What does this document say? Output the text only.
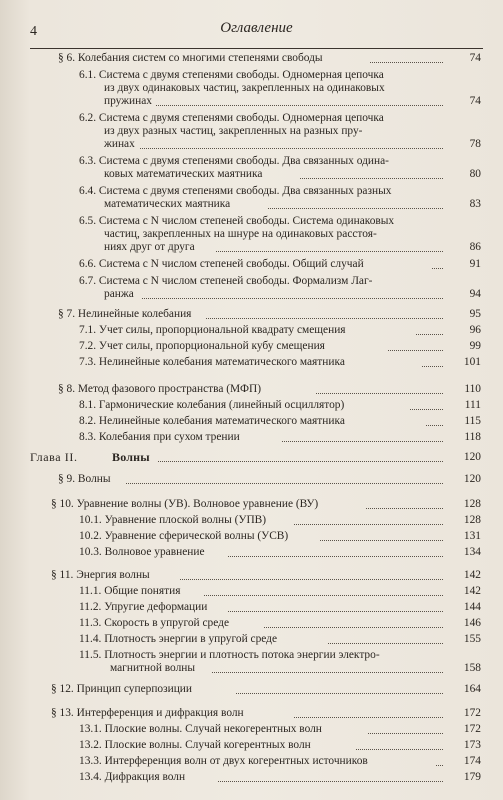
4	Оглавление
§ 6. Колебания систем со многими степенями свободы	74
6.1. Система с двумя степенями свободы. Одномерная цепочка
из двух одинаковых частиц, закрепленных на одинаковых
пружинах	74
6.2. Система с двумя степенями свободы. Одномерная цепочка
из двух разных частиц, закрепленных на разных пру-
жинах	78
6.3. Система с двумя степенями свободы. Два связанных одина-
ковых математических маятника	80
6.4. Система с двумя степенями свободы. Два связанных разных
математических маятника	83
6.5. Система с N числом степеней свободы. Система одинаковых
частиц, закрепленных на шнуре на одинаковых расстоя-
ниях друг от друга	86
6.6. Система с N числом степеней свободы. Общий случай	91
6.7. Система с N числом степеней свободы. Формализм Лаг-
ранжа	94
§ 7. Нелинейные колебания	95
7.1. Учет силы, пропорциональной квадрату смещения	96
7.2. Учет силы, пропорциональной кубу смещения	99
7.3. Нелинейные колебания математического маятника	101
§ 8. Метод фазового пространства (МФП)	110
8.1. Гармонические колебания (линейный осциллятор)	111
8.2. Нелинейные колебания математического маятника	115
8.3. Колебания при сухом трении	118
Глава II.	Волны	120
§ 9. Волны	120
§ 10. Уравнение волны (УВ). Волновое уравнение (ВУ)	128
10.1. Уравнение плоской волны (УПВ)	128
10.2. Уравнение сферической волны (УСВ)	131
10.3. Волновое уравнение	134
§ 11. Энергия волны	142
11.1. Общие понятия	142
11.2. Упругие деформации	144
11.3. Скорость в упругой среде	146
11.4. Плотность энергии в упругой среде	155
11.5. Плотность энергии и плотность потока энергии электро-
магнитной волны	158
§ 12. Принцип суперпозиции	164
§ 13. Интерференция и дифракция волн	172
13.1. Плоские волны. Случай некогерентных волн	172
13.2. Плоские волны. Случай когерентных волн	173
13.3. Интерференция волн от двух когерентных источников	174
13.4. Дифракция волн	179
